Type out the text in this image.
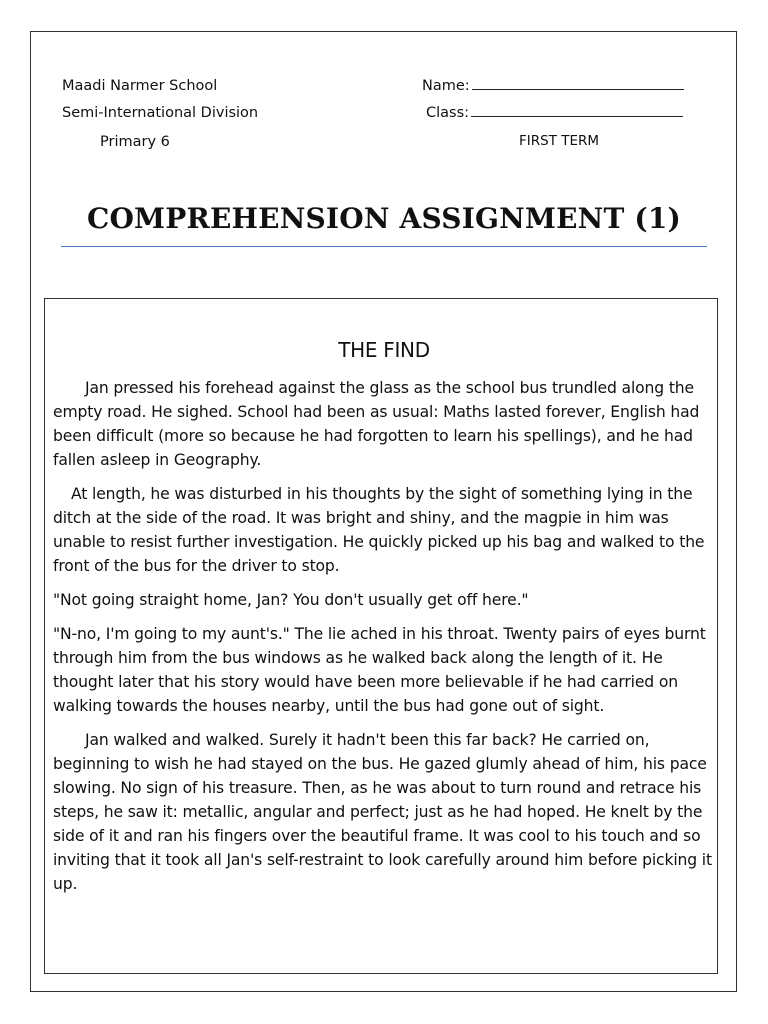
Maadi Narmer School
Semi-International Division
Primary 6
Name:
Class:
FIRST TERM
COMPREHENSION ASSIGNMENT (1)
THE FIND

Jan pressed his forehead against the glass as the school bus trundled along the empty road. He sighed. School had been as usual: Maths lasted forever, English had been difficult (more so because he had forgotten to learn his spellings), and he had fallen asleep in Geography.

At length, he was disturbed in his thoughts by the sight of something lying in the ditch at the side of the road. It was bright and shiny, and the magpie in him was unable to resist further investigation. He quickly picked up his bag and walked to the front of the bus for the driver to stop.

"Not going straight home, Jan? You don't usually get off here."

"N-no, I'm going to my aunt's." The lie ached in his throat. Twenty pairs of eyes burnt through him from the bus windows as he walked back along the length of it. He thought later that his story would have been more believable if he had carried on walking towards the houses nearby, until the bus had gone out of sight.

Jan walked and walked. Surely it hadn't been this far back? He carried on, beginning to wish he had stayed on the bus. He gazed glumly ahead of him, his pace slowing. No sign of his treasure. Then, as he was about to turn round and retrace his steps, he saw it: metallic, angular and perfect; just as he had hoped. He knelt by the side of it and ran his fingers over the beautiful frame. It was cool to his touch and so inviting that it took all Jan's self-restraint to look carefully around him before picking it up.
